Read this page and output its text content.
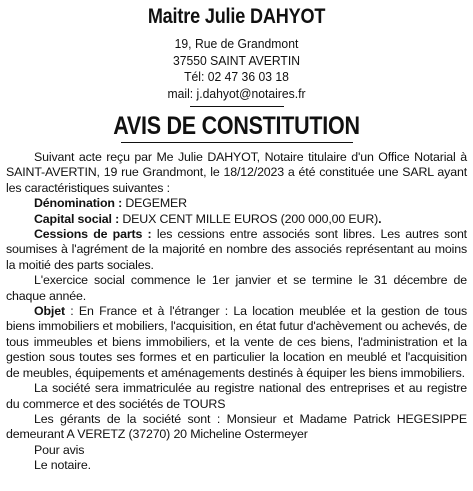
Maitre Julie DAHYOT
19, Rue de Grandmont
37550 SAINT AVERTIN
Tél: 02 47 36 03 18
mail: j.dahyot@notaires.fr
AVIS DE CONSTITUTION

Suivant acte reçu par Me Julie DAHYOT, Notaire titulaire d'un Office Notarial à SAINT-AVERTIN, 19 rue Grandmont, le 18/12/2023 a été constituée une SARL ayant les caractéristiques suivantes :

Dénomination : DEGEMER

Capital social : DEUX CENT MILLE EUROS (200 000,00 EUR).

Cessions de parts : les cessions entre associés sont libres. Les autres sont soumises à l'agrément de la majorité en nombre des associés représentant au moins la moitié des parts sociales.

L'exercice social commence le 1er janvier et se termine le 31 décembre de chaque année.

Objet : En France et à l'étranger : La location meublée et la gestion de tous biens immobiliers et mobiliers, l'acquisition, en état futur d'achèvement ou achevés, de tous immeubles et biens immobiliers, et la vente de ces biens, l'administration et la gestion sous toutes ses formes et en particulier la location en meublé et l'acquisition de meubles, équipements et aménagements destinés à équiper les biens immobiliers.

La société sera immatriculée au registre national des entreprises et au registre du commerce et des sociétés de TOURS

Les gérants de la société sont : Monsieur et Madame Patrick HEGESIPPE demeurant A VERETZ (37270) 20 Micheline Ostermeyer

Pour avis

Le notaire.
